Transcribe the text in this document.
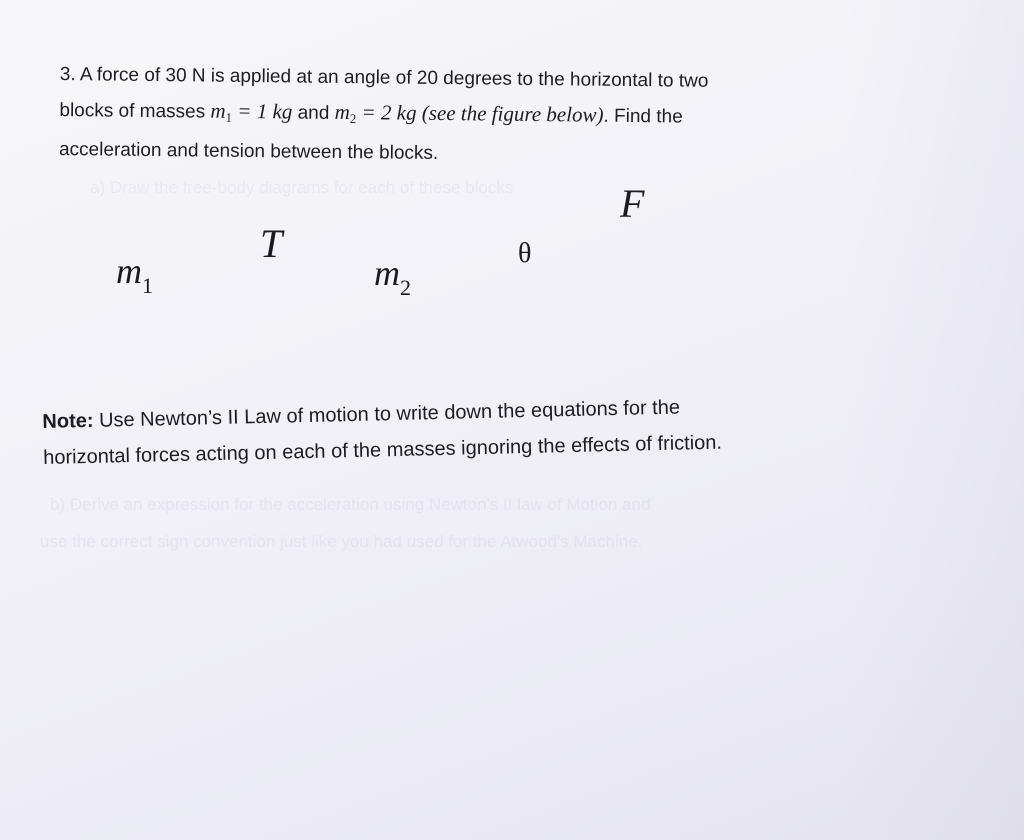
a) Draw the free-body diagrams for each of these blocks
b) Derive an expression for the acceleration using Newton's II law of Motion and
use the correct sign convention just like you had used for the Atwood's Machine.
3. A force of 30 N is applied at an angle of 20 degrees to the horizontal to two
blocks of masses $m_1 = 1$ kg and $m_2 = 2$ kg (see the figure below). Find the
acceleration and tension between the blocks.
F
T	θ
$m_1$	$m_2$
Note: Use Newton’s II Law of motion to write down the equations for the
horizontal forces acting on each of the masses ignoring the effects of friction.
